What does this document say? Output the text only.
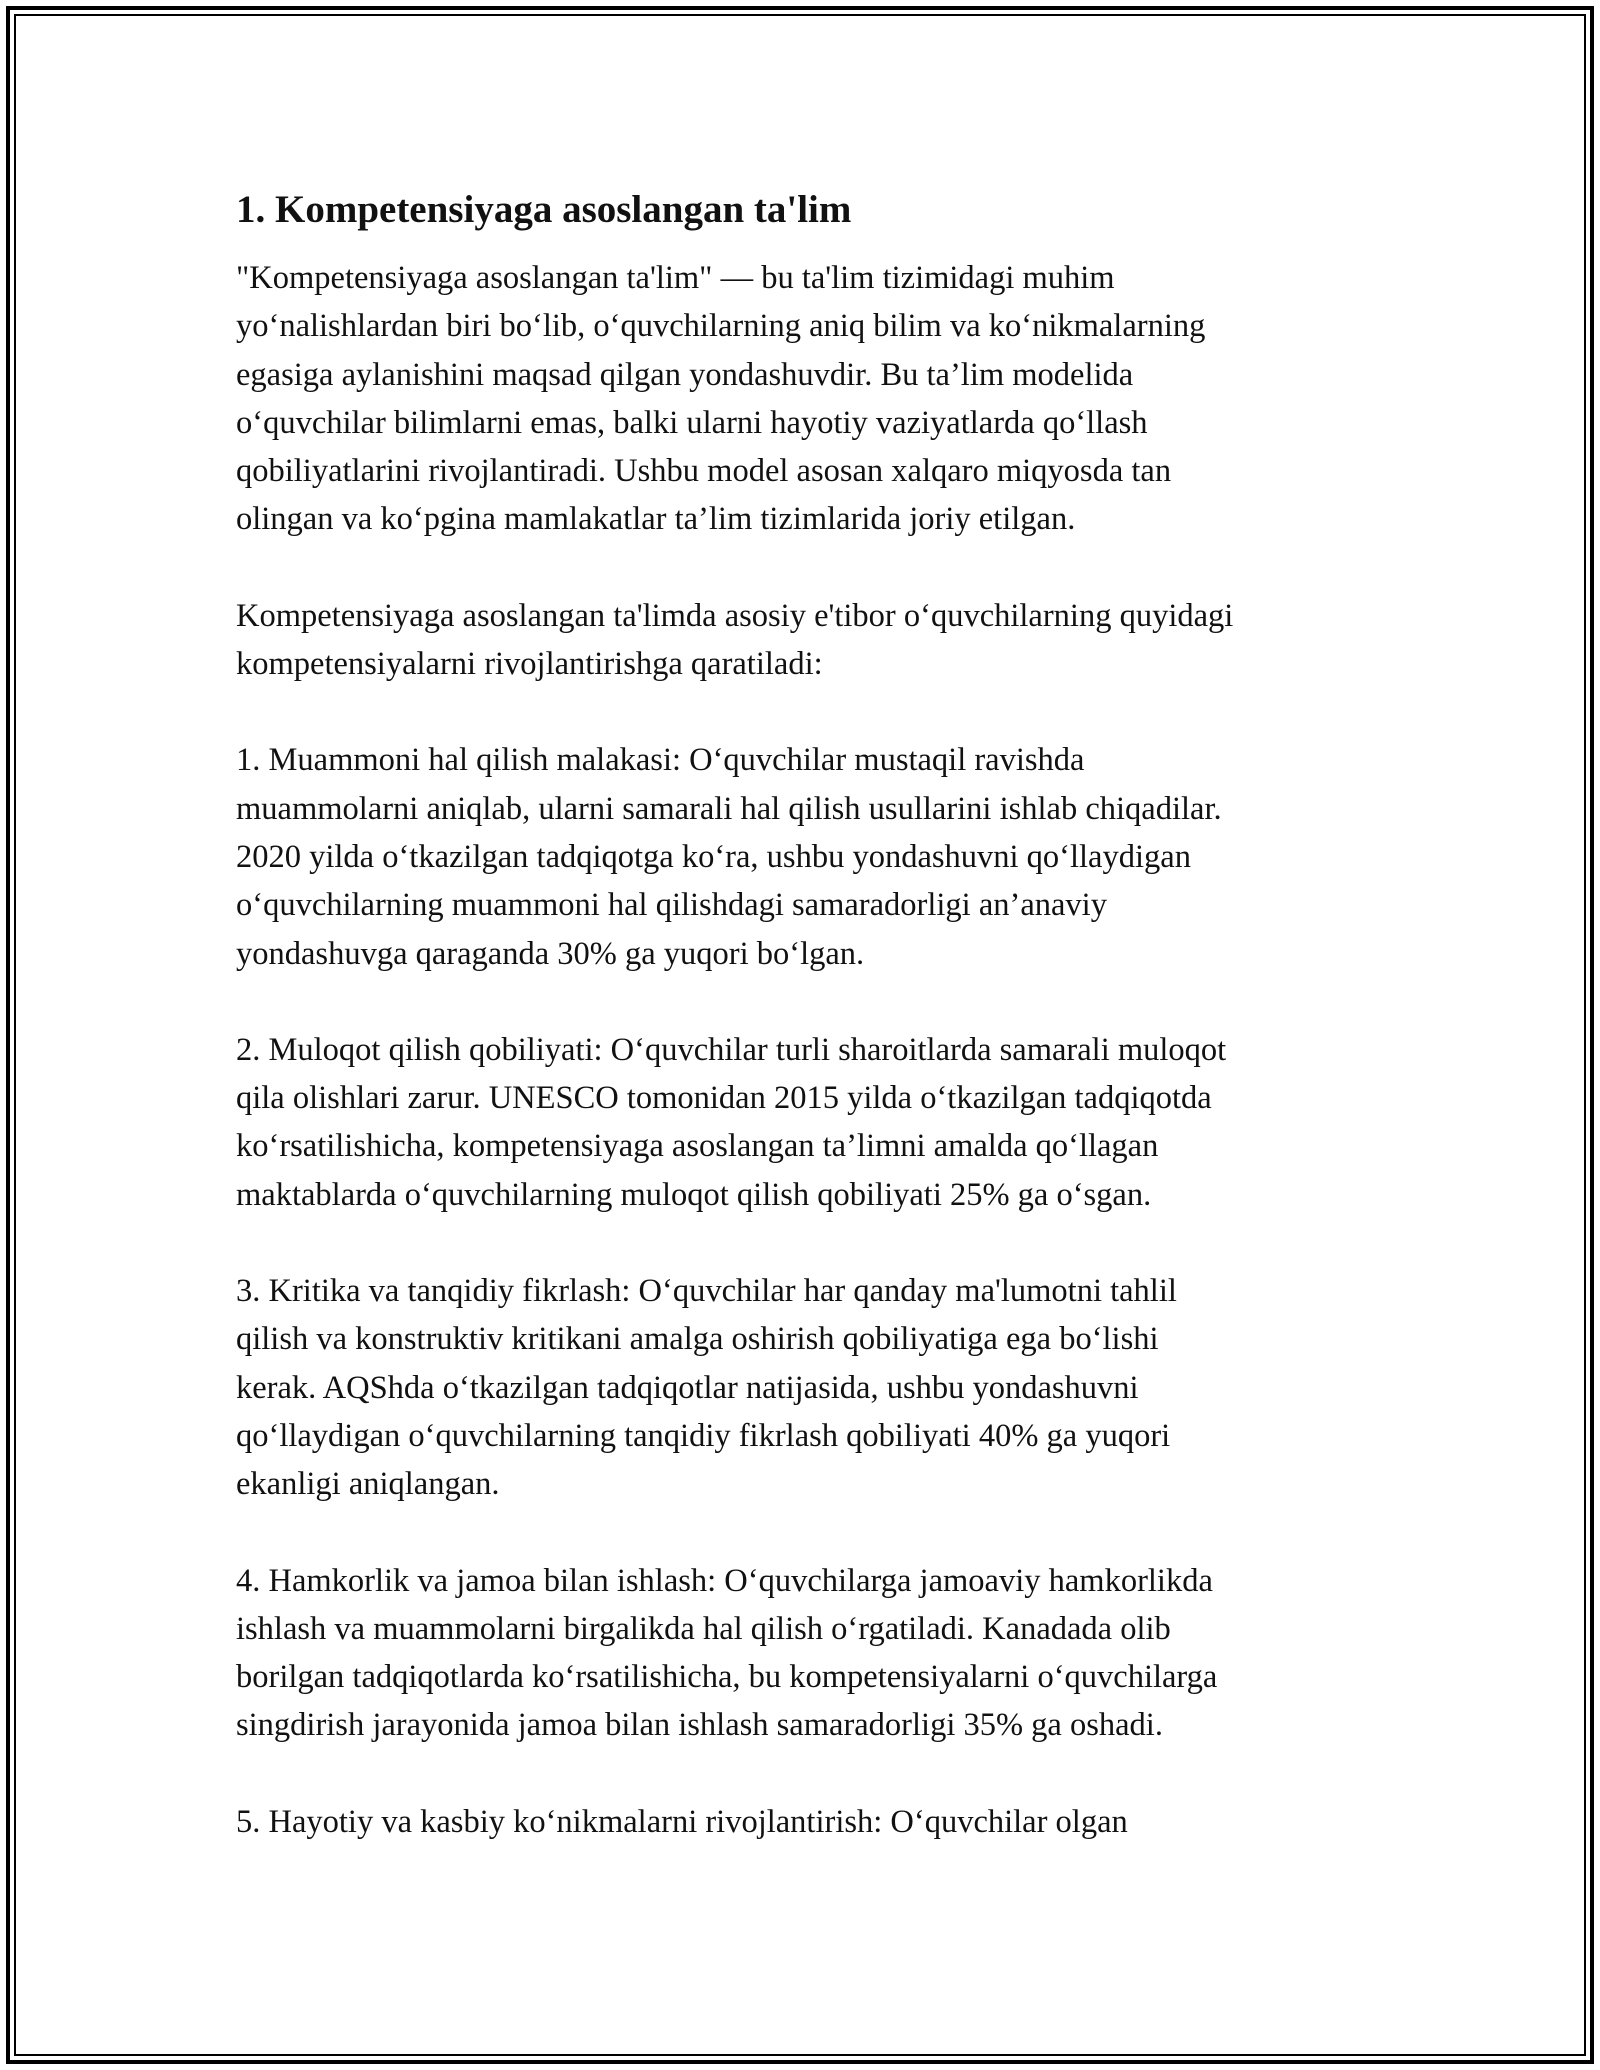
1. Kompetensiyaga asoslangan ta'lim

"Kompetensiyaga asoslangan ta'lim" — bu ta'lim tizimidagi muhim
yoʻnalishlardan biri boʻlib, oʻquvchilarning aniq bilim va koʻnikmalarning
egasiga aylanishini maqsad qilgan yondashuvdir. Bu ta’lim modelida
oʻquvchilar bilimlarni emas, balki ularni hayotiy vaziyatlarda qoʻllash
qobiliyatlarini rivojlantiradi. Ushbu model asosan xalqaro miqyosda tan
olingan va koʻpgina mamlakatlar ta’lim tizimlarida joriy etilgan.

Kompetensiyaga asoslangan ta'limda asosiy e'tibor oʻquvchilarning quyidagi
kompetensiyalarni rivojlantirishga qaratiladi:

1. Muammoni hal qilish malakasi: Oʻquvchilar mustaqil ravishda
muammolarni aniqlab, ularni samarali hal qilish usullarini ishlab chiqadilar.
2020 yilda oʻtkazilgan tadqiqotga koʻra, ushbu yondashuvni qoʻllaydigan
oʻquvchilarning muammoni hal qilishdagi samaradorligi an’anaviy
yondashuvga qaraganda 30% ga yuqori boʻlgan.

2. Muloqot qilish qobiliyati: Oʻquvchilar turli sharoitlarda samarali muloqot
qila olishlari zarur. UNESCO tomonidan 2015 yilda oʻtkazilgan tadqiqotda
koʻrsatilishicha, kompetensiyaga asoslangan ta’limni amalda qoʻllagan
maktablarda oʻquvchilarning muloqot qilish qobiliyati 25% ga oʻsgan.

3. Kritika va tanqidiy fikrlash: Oʻquvchilar har qanday ma'lumotni tahlil
qilish va konstruktiv kritikani amalga oshirish qobiliyatiga ega boʻlishi
kerak. AQShda oʻtkazilgan tadqiqotlar natijasida, ushbu yondashuvni
qoʻllaydigan oʻquvchilarning tanqidiy fikrlash qobiliyati 40% ga yuqori
ekanligi aniqlangan.

4. Hamkorlik va jamoa bilan ishlash: Oʻquvchilarga jamoaviy hamkorlikda
ishlash va muammolarni birgalikda hal qilish oʻrgatiladi. Kanadada olib
borilgan tadqiqotlarda koʻrsatilishicha, bu kompetensiyalarni oʻquvchilarga
singdirish jarayonida jamoa bilan ishlash samaradorligi 35% ga oshadi.

5. Hayotiy va kasbiy koʻnikmalarni rivojlantirish: Oʻquvchilar olgan
